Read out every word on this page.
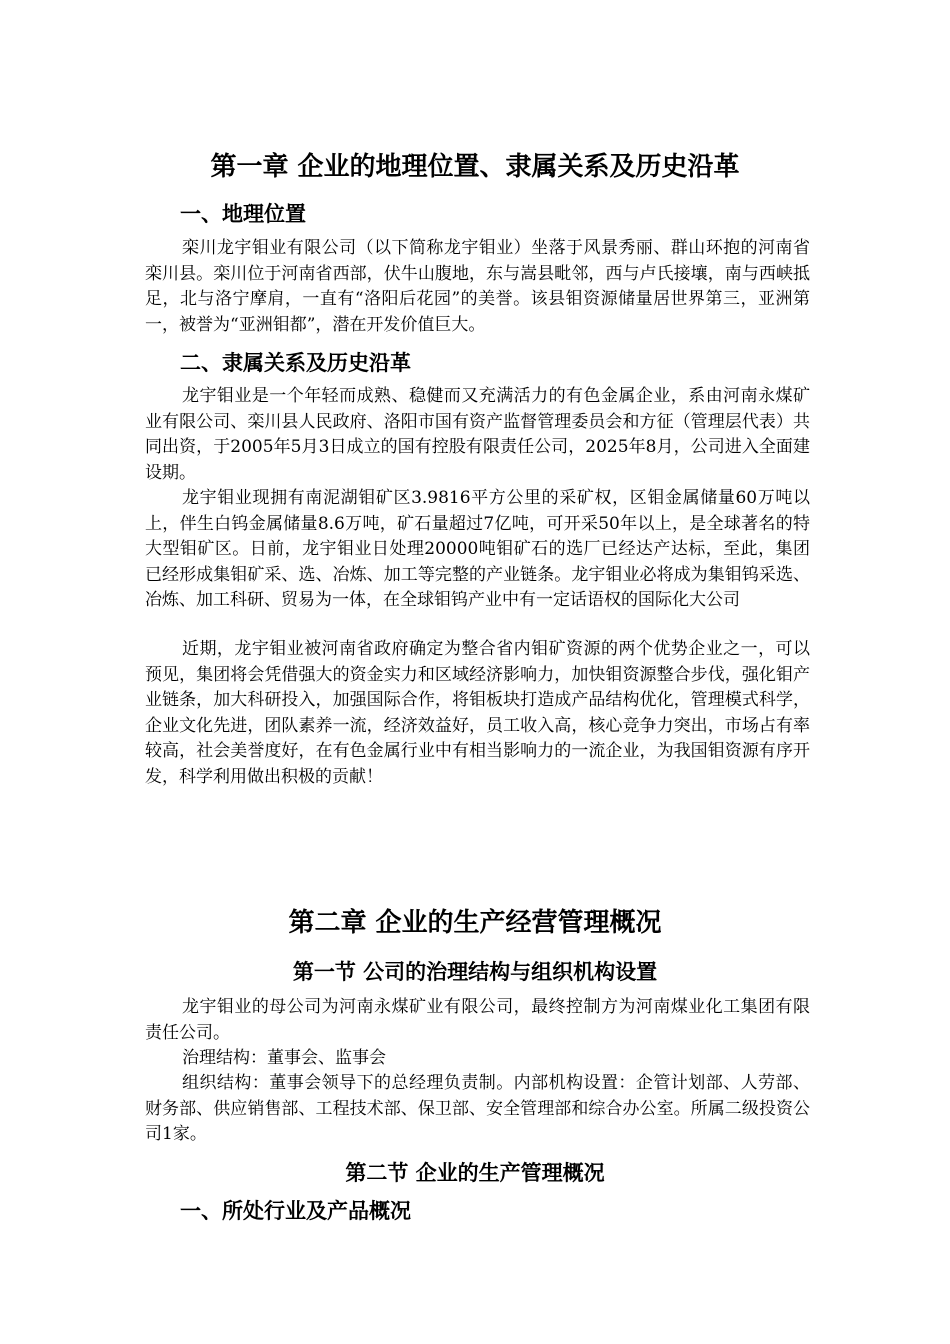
第一章 企业的地理位置、隶属关系及历史沿革
一、地理位置

栾川龙宇钼业有限公司（以下简称龙宇钼业）坐落于风景秀丽、群山环抱的河南省栾川县。栾川位于河南省西部，伏牛山腹地，东与嵩县毗邻，西与卢氏接壤，南与西峡抵足，北与洛宁摩肩，一直有“洛阳后花园”的美誉。该县钼资源储量居世界第三，亚洲第一，被誉为“亚洲钼都”，潜在开发价值巨大。

二、隶属关系及历史沿革

龙宇钼业是一个年轻而成熟、稳健而又充满活力的有色金属企业，系由河南永煤矿业有限公司、栾川县人民政府、洛阳市国有资产监督管理委员会和方征（管理层代表）共同出资，于2005年5月3日成立的国有控股有限责任公司，2025年8月，公司进入全面建设期。

龙宇钼业现拥有南泥湖钼矿区3.9816平方公里的采矿权，区钼金属储量60万吨以上，伴生白钨金属储量8.6万吨，矿石量超过7亿吨，可开采50年以上，是全球著名的特大型钼矿区。日前，龙宇钼业日处理20000吨钼矿石的选厂已经达产达标，至此，集团已经形成集钼矿采、选、冶炼、加工等完整的产业链条。龙宇钼业必将成为集钼钨采选、冶炼、加工科研、贸易为一体，在全球钼钨产业中有一定话语权的国际化大公司

近期，龙宇钼业被河南省政府确定为整合省内钼矿资源的两个优势企业之一，可以预见，集团将会凭借强大的资金实力和区域经济影响力，加快钼资源整合步伐，强化钼产业链条，加大科研投入，加强国际合作，将钼板块打造成产品结构优化，管理模式科学，企业文化先进，团队素养一流，经济效益好，员工收入高，核心竞争力突出，市场占有率较高，社会美誉度好，在有色金属行业中有相当影响力的一流企业，为我国钼资源有序开发，科学利用做出积极的贡献！

第二章 企业的生产经营管理概况
第一节 公司的治理结构与组织机构设置

龙宇钼业的母公司为河南永煤矿业有限公司，最终控制方为河南煤业化工集团有限责任公司。

治理结构：董事会、监事会

组织结构：董事会领导下的总经理负责制。内部机构设置：企管计划部、人劳部、财务部、供应销售部、工程技术部、保卫部、安全管理部和综合办公室。所属二级投资公司1家。

第二节 企业的生产管理概况
一、所处行业及产品概况
